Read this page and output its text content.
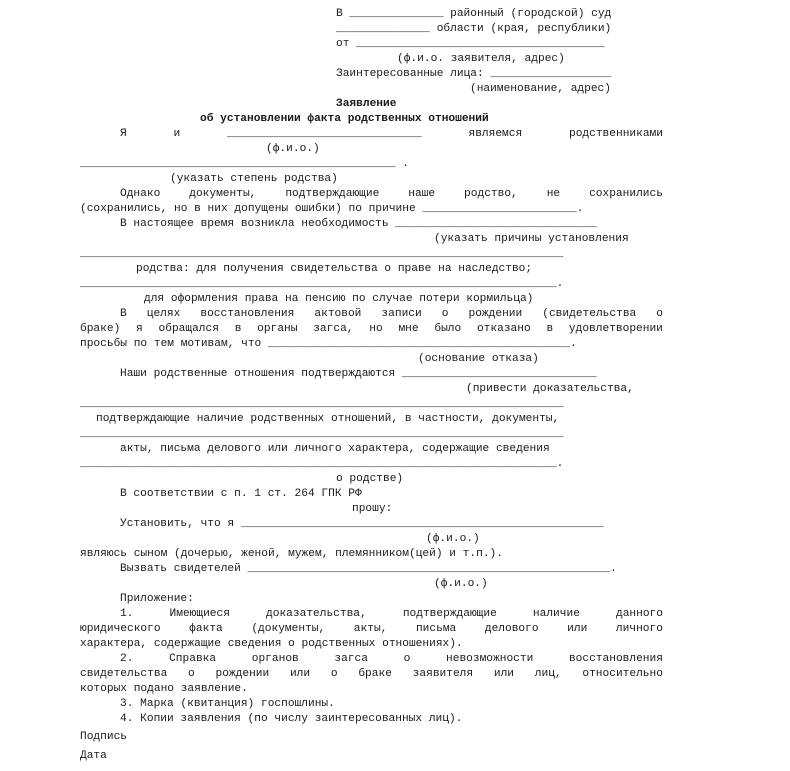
В ______________ районный (городской) суд
______________ области (края, республики)
от _____________________________________
(ф.и.о. заявителя, адрес)
Заинтересованные лица: __________________
(наименование, адрес)
Заявление
об установлении факта родственных отношений
Я	и	_____________________________	являемся	родственниками
(ф.и.о.)
_______________________________________________ .
(указать степень родства)
Однако	документы,	подтверждающие	наше	родство,	не	сохранились
(сохранились, но в них допущены ошибки) по причине _______________________.
В настоящее время возникла необходимость ______________________________
(указать причины установления
________________________________________________________________________
родства: для получения свидетельства о праве на наследство;
_______________________________________________________________________.
для оформления права на пенсию по случае потери кормильца)
В целях восстановления актовой записи о рождении (свидетельства о
браке) я обращался в органы загса, но мне было отказано в удовлетворении
просьбы по тем мотивам, что _____________________________________________.
(основание отказа)
Наши родственные отношения подтверждаются _____________________________
(привести доказательства,
________________________________________________________________________
подтверждающие наличие родственных отношений, в частности, документы,
________________________________________________________________________
акты, письма делового или личного характера, содержащие сведения
_______________________________________________________________________.
о родстве)
В соответствии с п. 1 ст. 264 ГПК РФ
прошу:
Установить, что я ______________________________________________________
(ф.и.о.)
являюсь сыном (дочерью, женой, мужем, племянником(цей) и т.п.).
Вызвать свидетелей ______________________________________________________.
(ф.и.о.)
Приложение:
1.	Имеющиеся	доказательства,	подтверждающие	наличие	данного
юридического	факта	(документы,	акты,	письма	делового	или	личного
характера, содержащие сведения о родственных отношениях).
2.	Справка	органов	загса	о	невозможности	восстановления
свидетельства о рождении или о браке заявителя или лиц, относительно
которых подано заявление.
3. Марка (квитанция) госпошлины.
4. Копии заявления (по числу заинтересованных лиц).
Подпись
Дата
